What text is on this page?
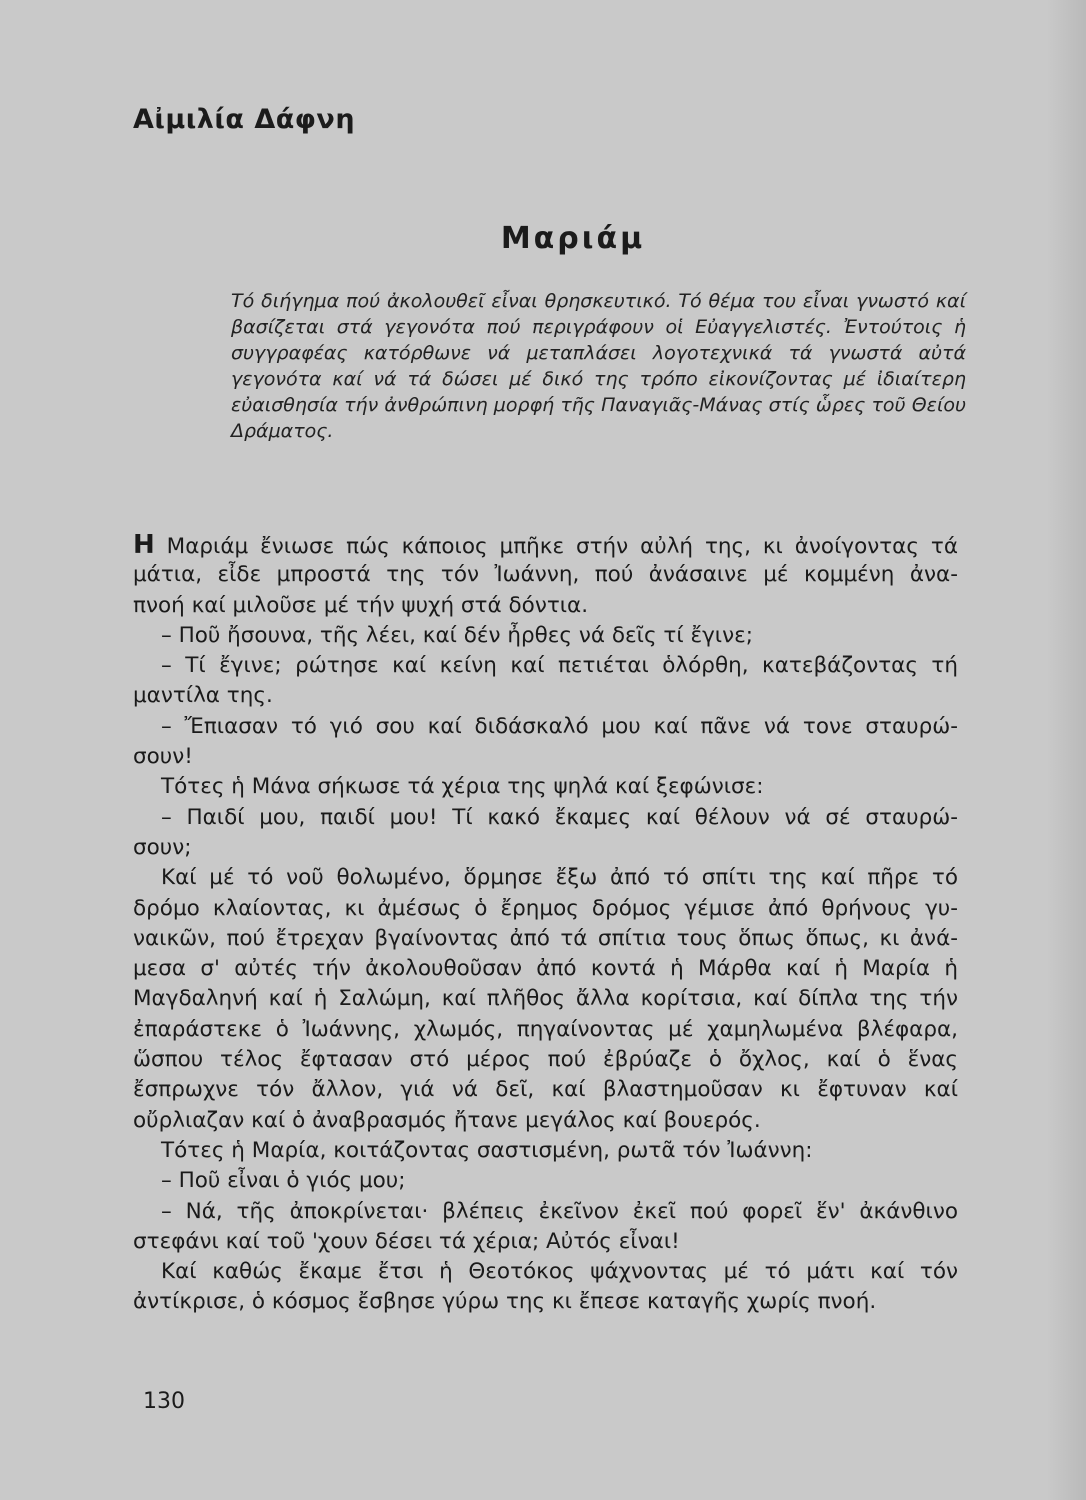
Αἰμιλία Δάφνη
Μαριάμ
Τό διήγημα πού ἀκολουθεῖ εἶναι θρησκευτικό. Τό θέμα του εἶναι γνωστό καί βασίζεται στά γεγονότα πού περιγράφουν οἱ Εὐαγγελιστές. Ἐντούτοις ἡ συγγραφέας κατόρθωνε νά μεταπλάσει λογοτεχνικά τά γνωστά αὐτά γεγονότα καί νά τά δώσει μέ δικό της τρόπο εἰκονίζοντας μέ ἰδιαίτερη εὐαισθησία τήν ἀνθρώπινη μορφή τῆς Παναγιᾶς-Μάνας στίς ὧρες τοῦ Θείου Δράματος.
Η Μαριάμ ἔνιωσε πώς κάποιος μπῆκε στήν αὐλή της, κι ἀνοίγοντας τά
μάτια, εἶδε μπροστά της τόν Ἰωάννη, πού ἀνάσαινε μέ κομμένη ἀνα-
πνοή καί μιλοῦσε μέ τήν ψυχή στά δόντια.
– Ποῦ ἤσουνα, τῆς λέει, καί δέν ἦρθες νά δεῖς τί ἔγινε;
– Τί ἔγινε; ρώτησε καί κείνη καί πετιέται ὁλόρθη, κατεβάζοντας τή
μαντίλα της.
– Ἔπιασαν τό γιό σου καί διδάσκαλό μου καί πᾶνε νά τονε σταυρώ-
σουν!
Τότες ἡ Μάνα σήκωσε τά χέρια της ψηλά καί ξεφώνισε:
– Παιδί μου, παιδί μου! Τί κακό ἔκαμες καί θέλουν νά σέ σταυρώ-
σουν;
Καί μέ τό νοῦ θολωμένο, ὅρμησε ἔξω ἀπό τό σπίτι της καί πῆρε τό
δρόμο κλαίοντας, κι ἀμέσως ὁ ἔρημος δρόμος γέμισε ἀπό θρήνους γυ-
ναικῶν, πού ἔτρεχαν βγαίνοντας ἀπό τά σπίτια τους ὅπως ὅπως, κι ἀνά-
μεσα σ' αὐτές τήν ἀκολουθοῦσαν ἀπό κοντά ἡ Μάρθα καί ἡ Μαρία ἡ
Μαγδαληνή καί ἡ Σαλώμη, καί πλῆθος ἄλλα κορίτσια, καί δίπλα της τήν
ἐπαράστεκε ὁ Ἰωάννης, χλωμός, πηγαίνοντας μέ χαμηλωμένα βλέφαρα,
ὥσπου τέλος ἔφτασαν στό μέρος πού ἐβρύαζε ὁ ὄχλος, καί ὁ ἕνας
ἔσπρωχνε τόν ἄλλον, γιά νά δεῖ, καί βλαστημοῦσαν κι ἔφτυναν καί
οὔρλιαζαν καί ὁ ἀναβρασμός ἤτανε μεγάλος καί βουερός.
Τότες ἡ Μαρία, κοιτάζοντας σαστισμένη, ρωτᾶ τόν Ἰωάννη:
– Ποῦ εἶναι ὁ γιός μου;
– Νά, τῆς ἀποκρίνεται· βλέπεις ἐκεῖνον ἐκεῖ πού φορεῖ ἕν' ἀκάνθινο
στεφάνι καί τοῦ 'χουν δέσει τά χέρια; Αὐτός εἶναι!
Καί καθώς ἔκαμε ἔτσι ἡ Θεοτόκος ψάχνοντας μέ τό μάτι καί τόν
ἀντίκρισε, ὁ κόσμος ἔσβησε γύρω της κι ἔπεσε καταγῆς χωρίς πνοή.
130
